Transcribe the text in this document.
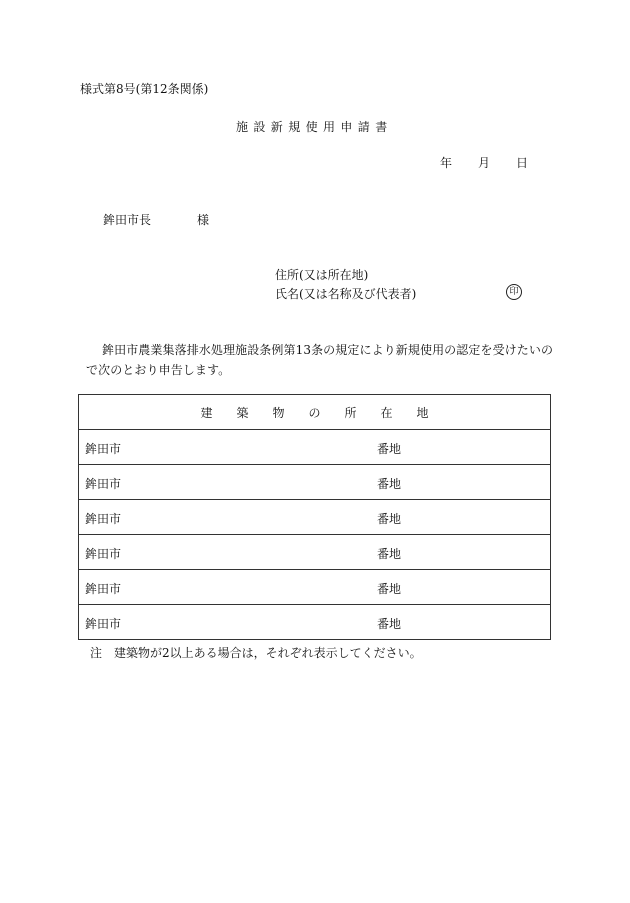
様式第8号(第12条関係)
施設新規使用申請書
年 月 日
鉾田市長	様
住所(又は所在地)
氏名(又は名称及び代表者)	印
鉾田市農業集落排水処理施設条例第13条の規定により新規使用の認定を受けたいので次のとおり申告します。
建築物の所在地

鉾田市	番地

鉾田市	番地

鉾田市	番地

鉾田市	番地

鉾田市	番地

鉾田市	番地
注　建築物が2以上ある場合は，それぞれ表示してください。
